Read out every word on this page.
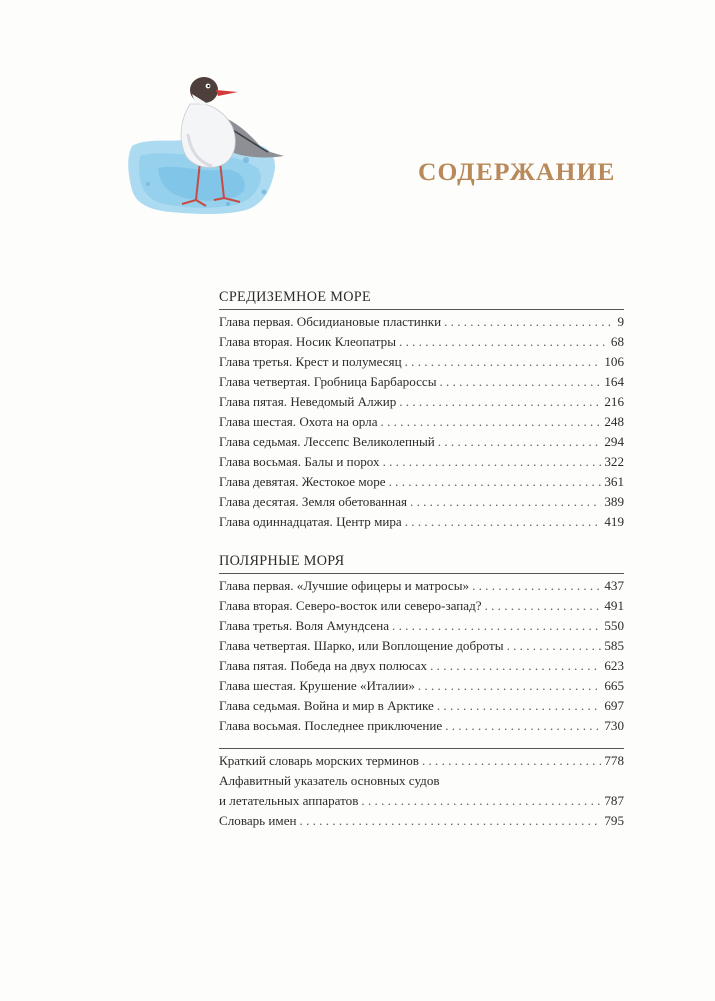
СОДЕРЖАНИЕ
СРЕДИЗЕМНОЕ МОРЕ
Глава первая. Обсидиановые пластинки . . .	9
Глава вторая. Носик Клеопатры . . .	68
Глава третья. Крест и полумесяц . . .	106
Глава четвертая. Гробница Барбароссы . . .	164
Глава пятая. Неведомый Алжир . . .	216
Глава шестая. Охота на орла . . .	248
Глава седьмая. Лессепс Великолепный . . .	294
Глава восьмая. Балы и порох . . .	322
Глава девятая. Жестокое море . . .	361
Глава десятая. Земля обетованная . . .	389
Глава одиннадцатая. Центр мира . . .	419
ПОЛЯРНЫЕ МОРЯ
Глава первая. «Лучшие офицеры и матросы» . . .	437
Глава вторая. Северо-восток или северо-запад? . . .	491
Глава третья. Воля Амундсена . . .	550
Глава четвертая. Шарко, или Воплощение доброты . . .	585
Глава пятая. Победа на двух полюсах . . .	623
Глава шестая. Крушение «Италии» . . .	665
Глава седьмая. Война и мир в Арктике . . .	697
Глава восьмая. Последнее приключение . . .	730
Краткий словарь морских терминов . . .	778
Алфавитный указатель основных судов
и летательных аппаратов . . .	787
Словарь имен . . .	795
